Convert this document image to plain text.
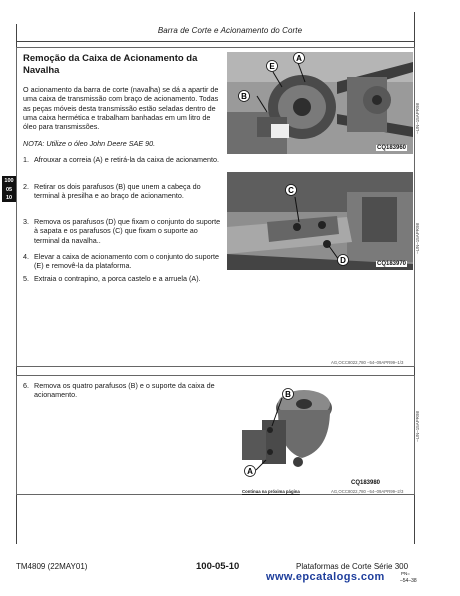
Barra de Corte e Acionamento do Corte
100
05
10
Remoção da Caixa de Acionamento da Navalha
O acionamento da barra de corte (navalha) se dá a apartir de uma caixa de transmissão com braço de acionamento. Todas as peças móveis desta transmissão estão seladas dentro de uma caixa hermética e trabalham banhadas em um litro de óleo para transmissões.
NOTA: Utilize o óleo John Deere SAE 90.
1. Afrouxar a correia (A) e retirá-la da caixa de acionamento.
2. Retirar os dois parafusos (B) que unem a cabeça do terminal à presilha e ao braço de acionamento.
3. Remova os parafusos (D) que fixam o conjunto do suporte à sapata e os parafusos (C) que fixam o suporte ao terminal da navalha..
4. Elevar a caixa de acionamento com o conjunto do suporte (E) e removê-la da plataforma.
5. Extraia o contrapino, a porca castelo e a arruela (A).
E
A
B
CQ183960
–UN–15APR98
C
D	CQ183970
–UN–15APR98
AG,OCC8022,780 –54–09APR99–1/3
6. Remova os quatro parafusos (B) e o suporte da caixa de acionamento.	B
A
CQ183980
–UN–15APR98
Continua na próxima página	AG,OCC8022,780 –54–09APR99–2/3
TM4809 (22MAY01)	100-05-10	Plataformas de Corte Série 300
PN=
–54–38
www.epcatalogs.com
